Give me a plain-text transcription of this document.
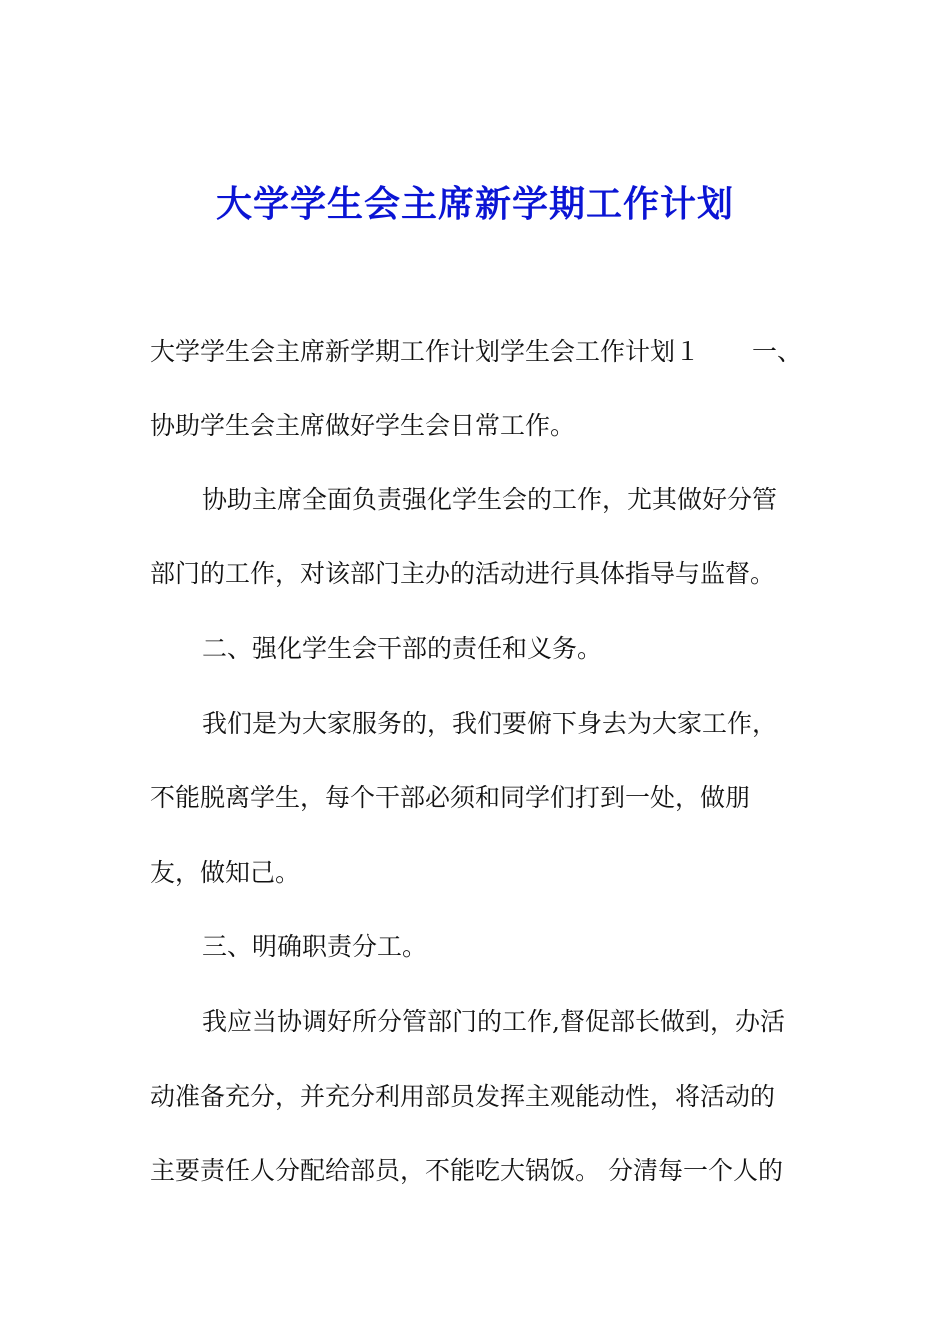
大学学生会主席新学期工作计划
大学学生会主席新学期工作计划学生会工作计划１ 一、
协助学生会主席做好学生会日常工作。
协助主席全面负责强化学生会的工作，尤其做好分管
部门的工作，对该部门主办的活动进行具体指导与监督。
二、强化学生会干部的责任和义务。
我们是为大家服务的，我们要俯下身去为大家工作，
不能脱离学生，每个干部必须和同学们打到一处，做朋
友，做知己。
三、明确职责分工。
我应当协调好所分管部门的工作,督促部长做到，办活
动准备充分，并充分利用部员发挥主观能动性，将活动的
主要责任人分配给部员，不能吃大锅饭。 分清每一个人的
